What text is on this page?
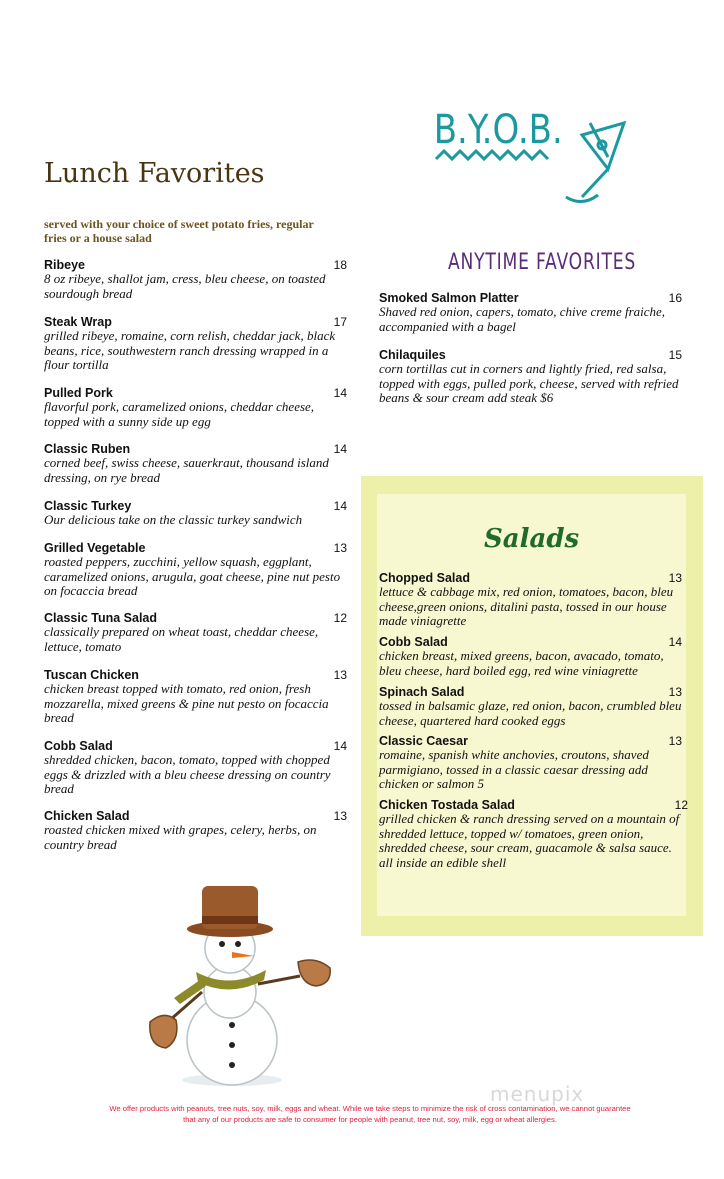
Lunch Favorites
served with your choice of sweet potato fries, regular fries or a house salad
Ribeye	18
8 oz ribeye, shallot jam, cress, bleu cheese, on toasted sourdough bread
Steak Wrap	17
grilled ribeye, romaine, corn relish, cheddar jack, black beans, rice, southwestern ranch dressing wrapped in a flour tortilla
Pulled Pork	14
flavorful pork, caramelized onions, cheddar cheese, topped with a sunny side up egg
Classic Ruben	14
corned beef, swiss cheese, sauerkraut, thousand island dressing, on rye bread
Classic Turkey	14
Our delicious take on the classic turkey sandwich
Grilled Vegetable	13
roasted peppers, zucchini, yellow squash, eggplant, caramelized onions, arugula, goat cheese, pine nut pesto on focaccia bread
Classic Tuna Salad	12
classically prepared on wheat toast, cheddar cheese, lettuce, tomato
Tuscan Chicken	13
chicken breast topped with tomato, red onion, fresh mozzarella, mixed greens & pine nut pesto on focaccia bread
Cobb Salad	14
shredded chicken, bacon, tomato, topped with chopped eggs & drizzled with a bleu cheese dressing on country bread
Chicken Salad	13
roasted chicken mixed with grapes, celery, herbs, on country bread
B.Y.O.B.
ANYTIME FAVORITES
Smoked Salmon Platter	16
Shaved red onion, capers, tomato, chive creme fraiche, accompanied with a bagel
Chilaquiles	15
corn tortillas cut in corners and lightly fried, red salsa, topped with eggs, pulled pork, cheese, served with refried beans & sour cream add steak $6
Salads
Chopped Salad	13
lettuce & cabbage mix, red onion, tomatoes, bacon, bleu cheese,green onions, ditalini pasta, tossed in our house made viniagrette
Cobb Salad	14
chicken breast, mixed greens, bacon, avacado, tomato, bleu cheese, hard boiled egg, red wine viniagrette
Spinach Salad	13
tossed in balsamic glaze, red onion, bacon, crumbled bleu cheese, quartered hard cooked eggs
Classic Caesar	13
romaine, spanish white anchovies, croutons, shaved parmigiano, tossed in a classic caesar dressing add chicken or salmon 5
Chicken Tostada Salad	12
grilled chicken & ranch dressing served on a mountain of shredded lettuce, topped w/ tomatoes, green onion, shredded cheese, sour cream, guacamole & salsa sauce. all inside an edible shell
menupix
We offer products with peanuts, tree nuts, soy, milk, eggs and wheat. While we take steps to minimize the risk of cross contamination, we cannot guarantee
that any of our products are safe to consumer for people with peanut, tree nut, soy, milk, egg or wheat allergies.
